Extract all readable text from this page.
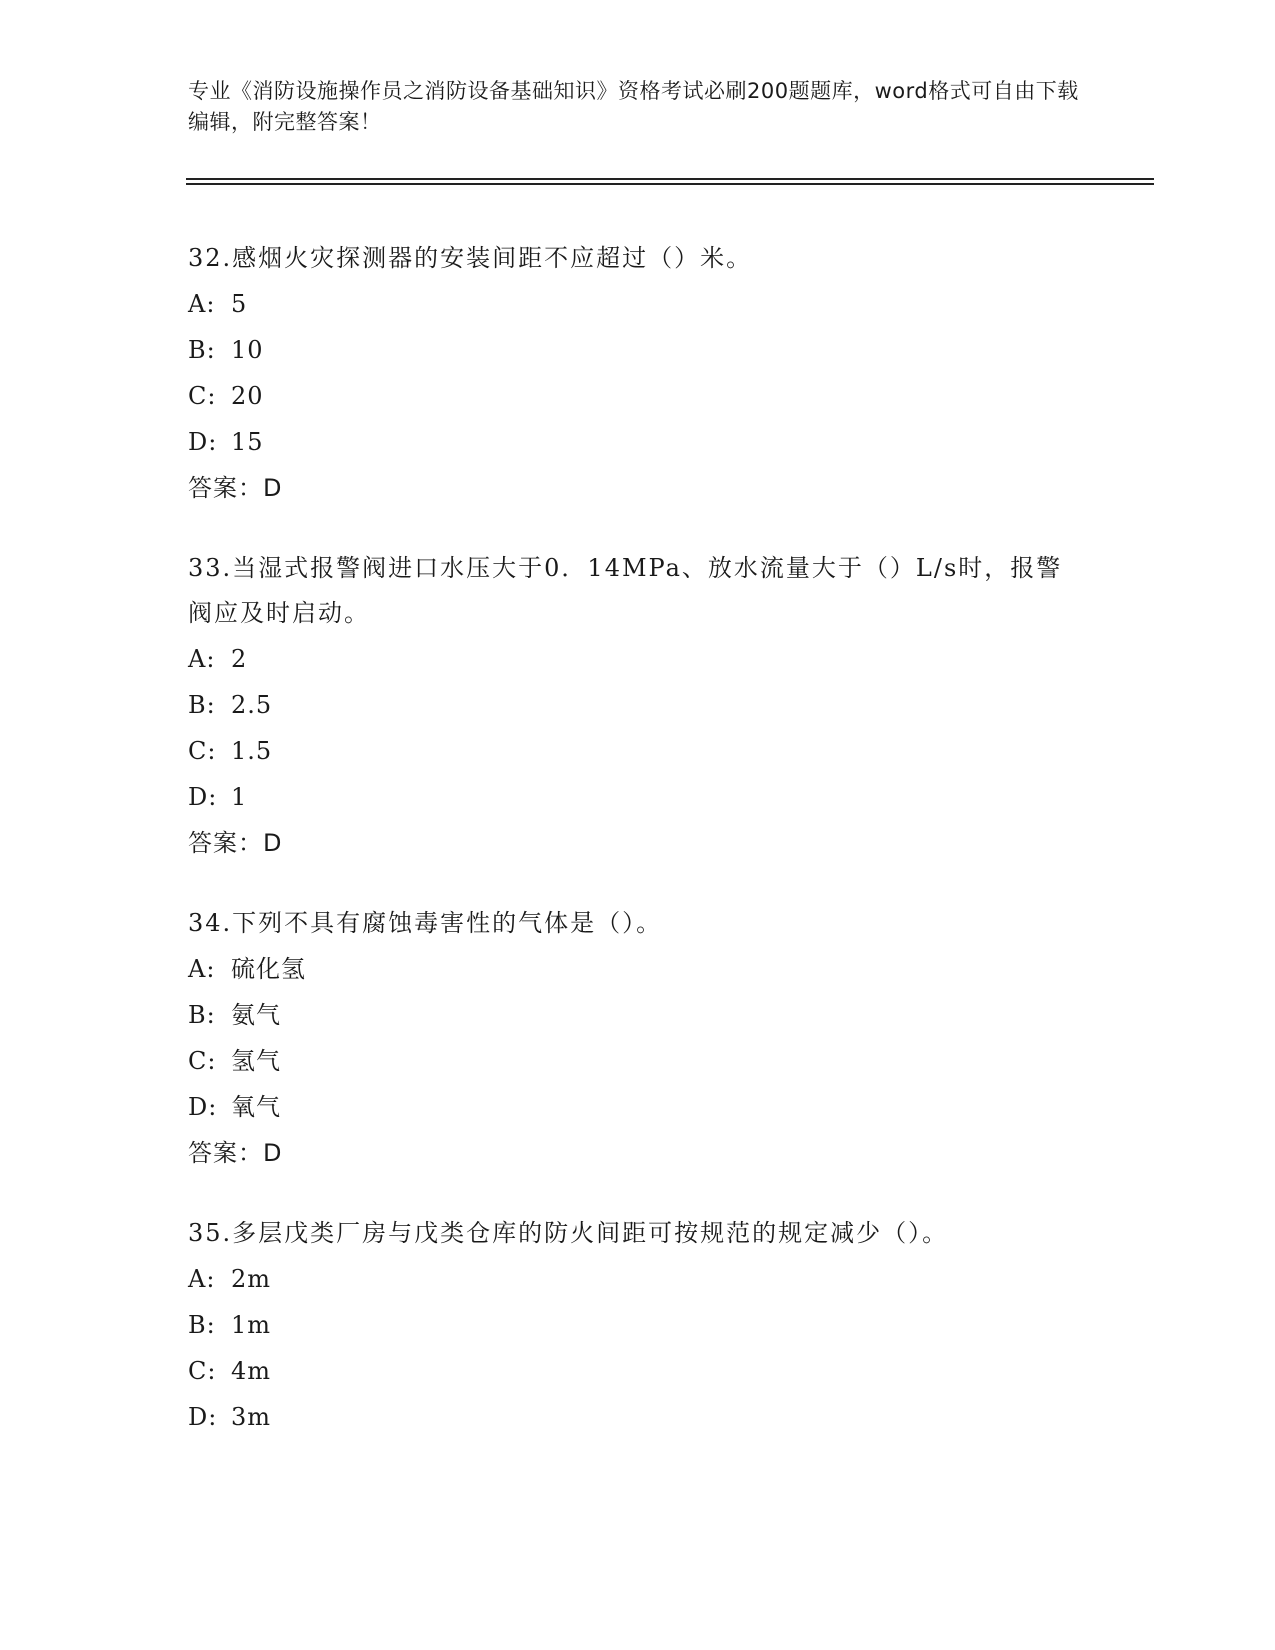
专业《消防设施操作员之消防设备基础知识》资格考试必刷200题题库，word格式可自由下载编辑，附完整答案！
32.感烟火灾探测器的安装间距不应超过（）米。
A: 5
B: 10
C: 20
D: 15
答案：D
33.当湿式报警阀进口水压大于0．14MPa、放水流量大于（）L/s时，报警阀应及时启动。
A: 2
B: 2.5
C: 1.5
D: 1
答案：D
34.下列不具有腐蚀毒害性的气体是（）。
A: 硫化氢
B: 氨气
C: 氢气
D: 氧气
答案：D
35.多层戊类厂房与戊类仓库的防火间距可按规范的规定减少（）。
A: 2m
B: 1m
C: 4m
D: 3m
